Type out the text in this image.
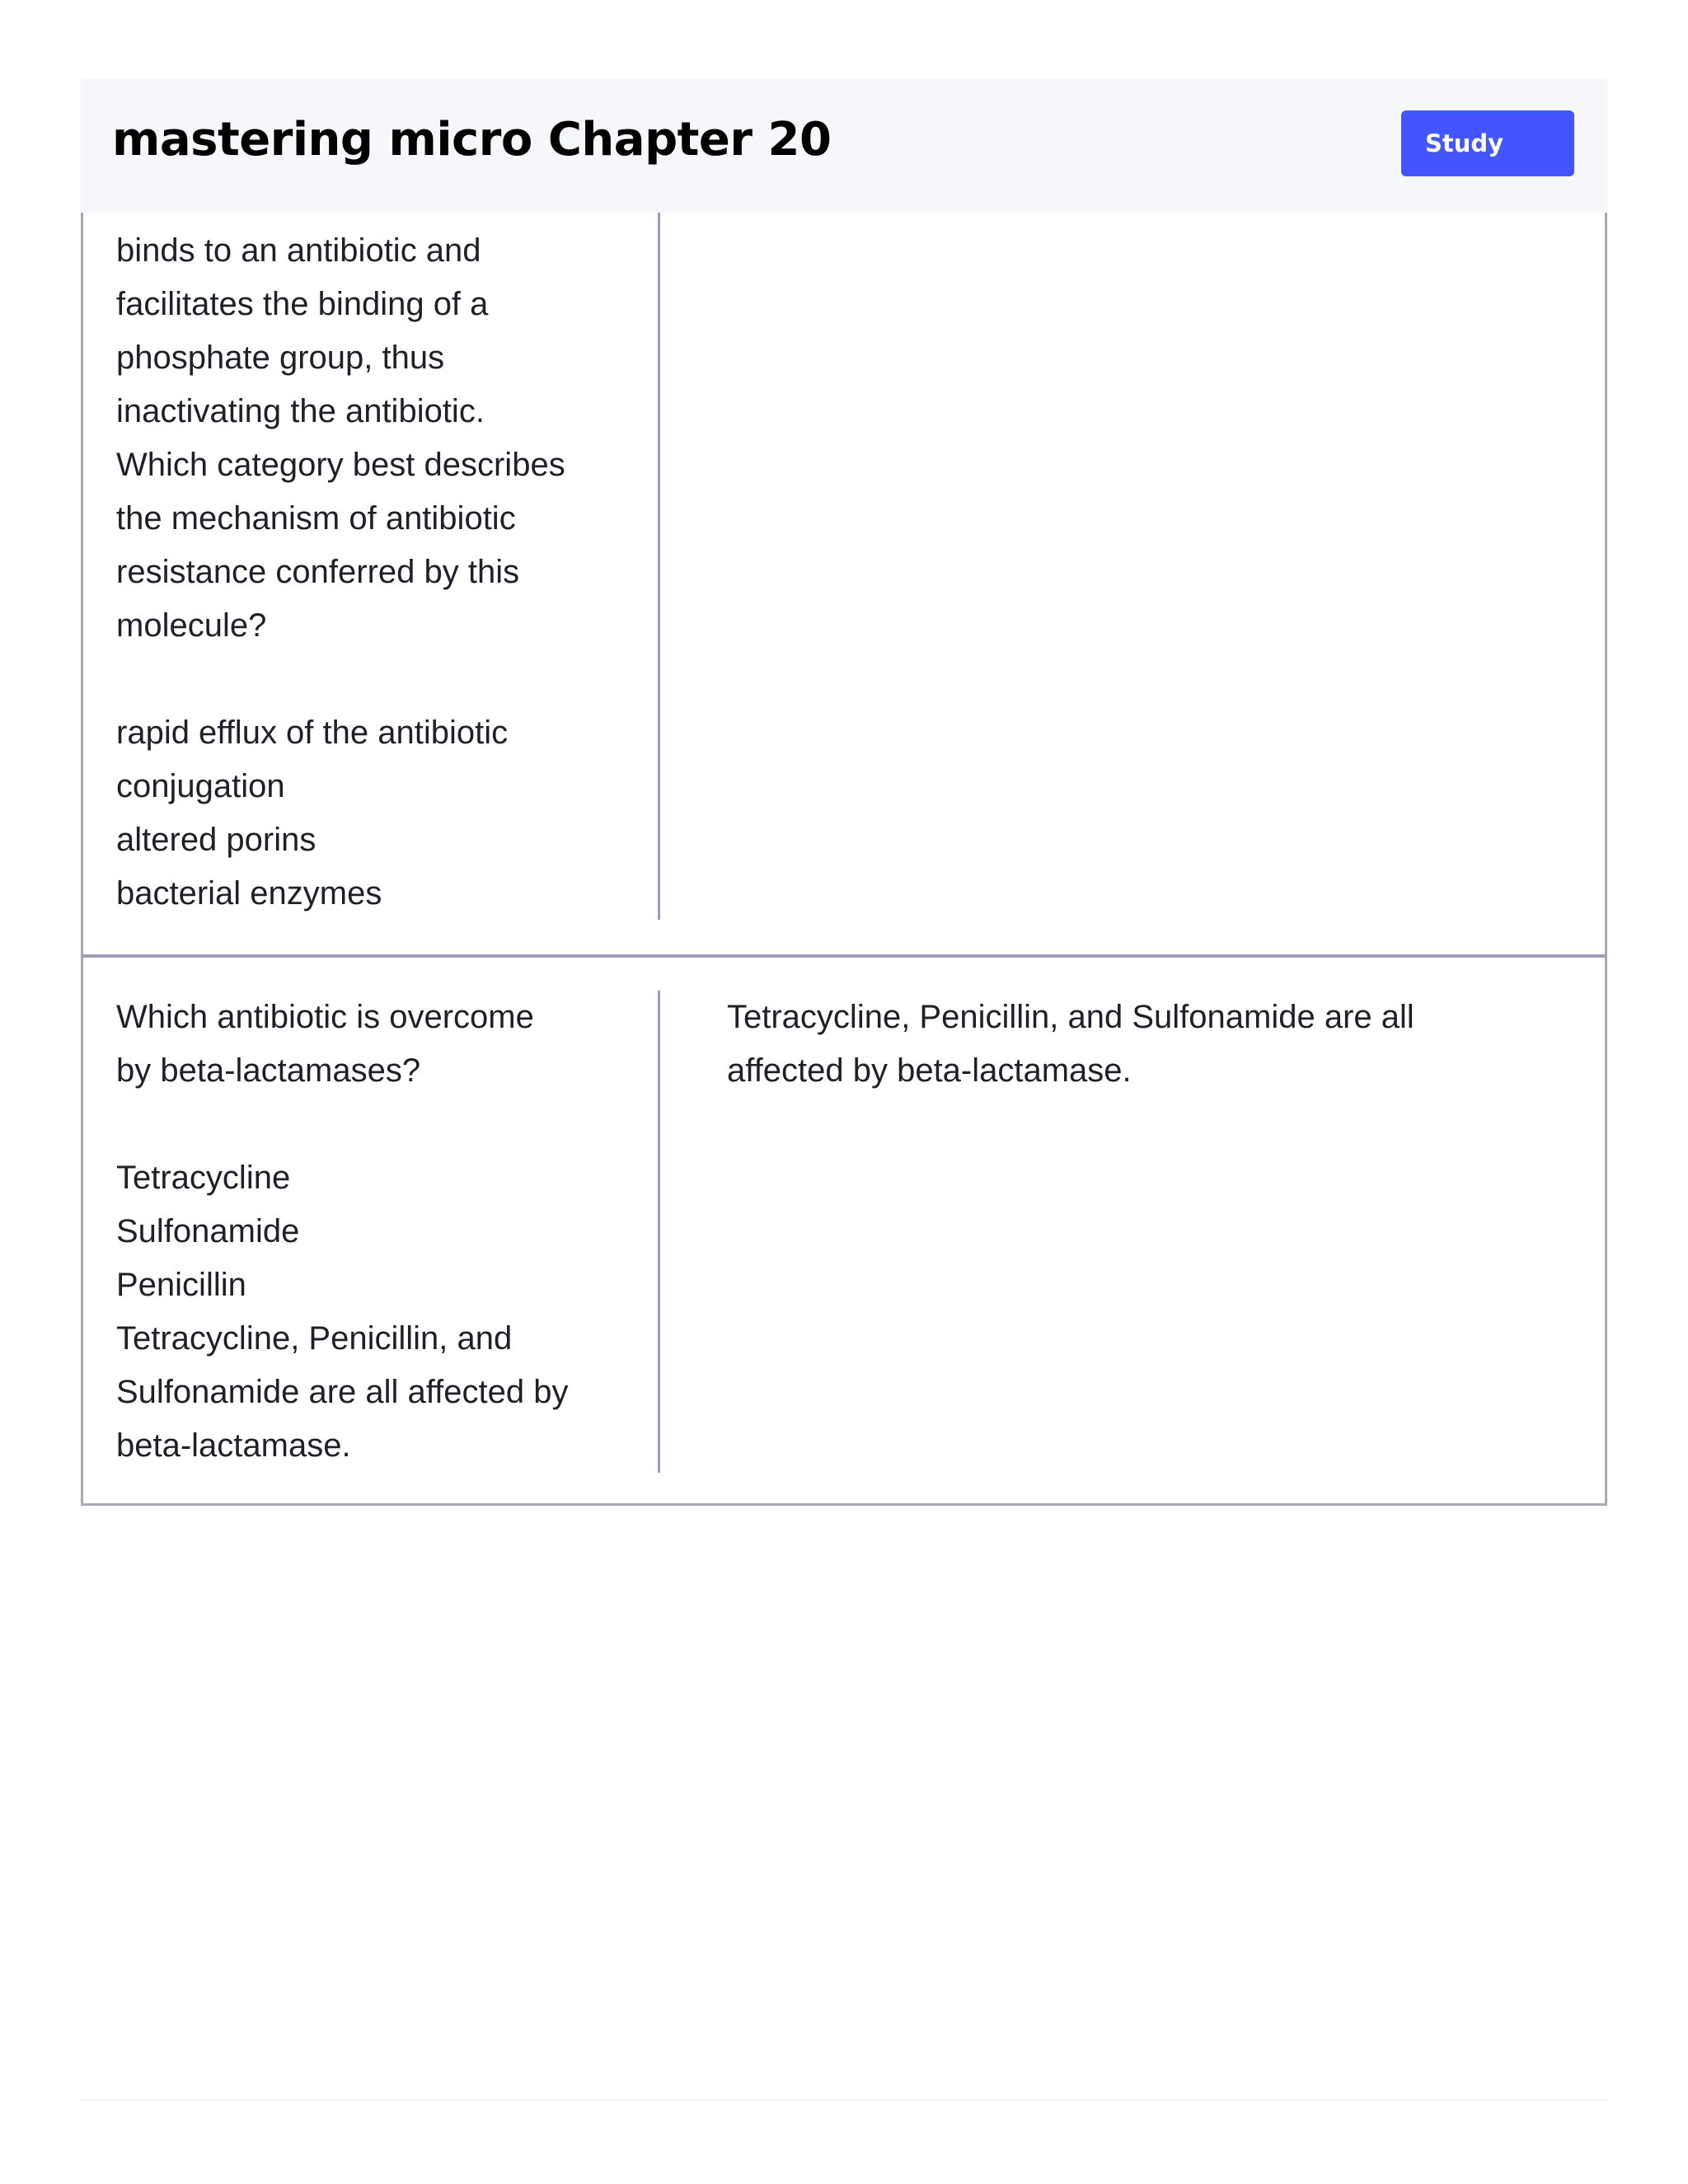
mastering micro Chapter 20	Study
binds to an antibiotic and
facilitates the binding of a
phosphate group, thus
inactivating the antibiotic.
Which category best describes
the mechanism of antibiotic
resistance conferred by this
molecule?
rapid efflux of the antibiotic
conjugation
altered porins
bacterial enzymes
Which antibiotic is overcome
by beta-lactamases?
Tetracycline
Sulfonamide
Penicillin
Tetracycline, Penicillin, and
Sulfonamide are all affected by
beta-lactamase.
Tetracycline, Penicillin, and Sulfonamide are all
affected by beta-lactamase.
